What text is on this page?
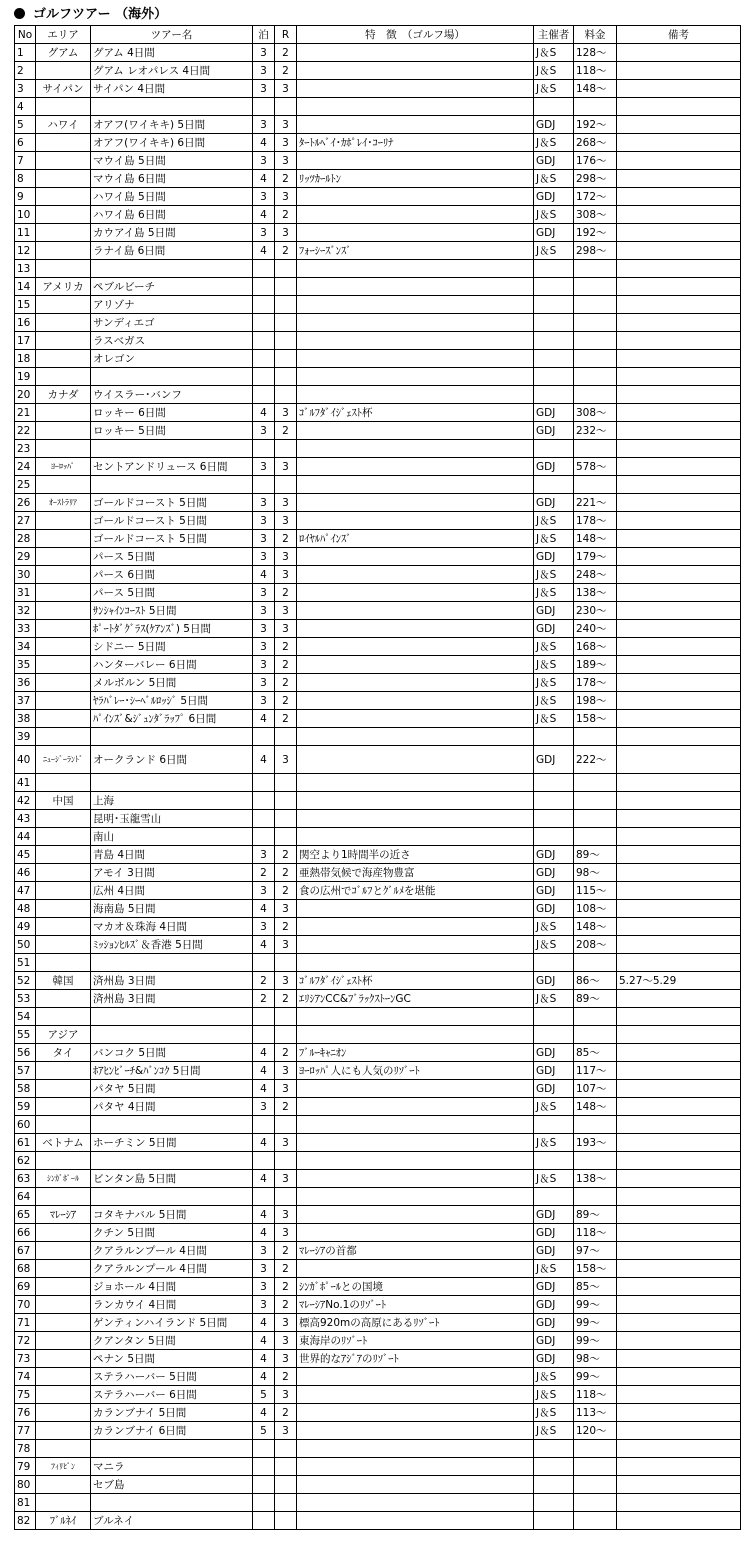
ゴルフツアー （海外）
No	エリア	ツアー名	泊	R	特　徴　（ゴルフ場）	主催者	料金	備考
1	グアム	グアム 4日間	3	2		J＆S	128～	
2		グアム レオパレス 4日間	3	2		J＆S	118～	
3	サイパン	サイパン 4日間	3	3		J＆S	148～	
4								
5	ハワイ	オアフ(ワイキキ) 5日間	3	3		GDJ	192～	
6		オアフ(ワイキキ) 6日間	4	3	ﾀｰﾄﾙﾍﾞｲ･ｶﾎﾟﾚｲ･ｺｰﾘﾅ	J＆S	268～	
7		マウイ島 5日間	3	3		GDJ	176～	
8		マウイ島 6日間	4	2	ﾘｯﾂｶｰﾙﾄﾝ	J＆S	298～	
9		ハワイ島 5日間	3	3		GDJ	172～	
10		ハワイ島 6日間	4	2		J＆S	308～	
11		カウアイ島 5日間	3	3		GDJ	192～	
12		ラナイ島 6日間	4	2	ﾌｫｰｼｰｽﾞﾝｽﾞ	J＆S	298～	
13								
14	アメリカ	ペブルビーチ						
15		アリゾナ						
16		サンディエゴ						
17		ラスベガス						
18		オレゴン						
19								
20	カナダ	ウイスラー･バンフ						
21		ロッキー 6日間	4	3	ｺﾞﾙﾌﾀﾞｲｼﾞｪｽﾄ杯	GDJ	308～	
22		ロッキー 5日間	3	2		GDJ	232～	
23								
24	ﾖｰﾛｯﾊﾟ	セントアンドリュース 6日間	3	3		GDJ	578～	
25								
26	ｵｰｽﾄﾗﾘｱ	ゴールドコースト 5日間	3	3		GDJ	221～	
27		ゴールドコースト 5日間	3	3		J＆S	178～	
28		ゴールドコースト 5日間	3	2	ﾛｲﾔﾙﾊﾟｲﾝｽﾞ	J＆S	148～	
29		パース 5日間	3	3		GDJ	179～	
30		パース 6日間	4	3		J＆S	248～	
31		パース 5日間	3	2		J＆S	138～	
32		ｻﾝｼｬｲﾝｺｰｽﾄ 5日間	3	3		GDJ	230～	
33		ﾎﾟｰﾄﾀﾞｸﾞﾗｽ(ｹｱﾝｽﾞ) 5日間	3	3		GDJ	240～	
34		シドニー 5日間	3	2		J＆S	168～	
35		ハンターバレー 6日間	3	2		J＆S	189～	
36		メルボルン 5日間	3	2		J＆S	178～	
37		ﾔﾗﾊﾞﾚｰ･ｼｰﾍﾞﾙﾛｯｼﾞ 5日間	3	2		J＆S	198～	
38		ﾊﾟｲﾝｽﾞ&ｼﾞｭﾝﾀﾞﾗｯﾌﾟ 6日間	4	2		J＆S	158～	
39								
40	ﾆｭｰｼﾞｰﾗﾝﾄﾞ	オークランド 6日間	4	3		GDJ	222～	
41								
42	中国	上海						
43		昆明･玉龍雪山						
44		南山						
45		青島 4日間	3	2	関空より1時間半の近さ	GDJ	89～	
46		アモイ 3日間	2	2	亜熱帯気候で海産物豊富	GDJ	98～	
47		広州 4日間	3	2	食の広州でｺﾞﾙﾌとｸﾞﾙﾒを堪能	GDJ	115～	
48		海南島 5日間	4	3		GDJ	108～	
49		マカオ＆珠海 4日間	3	2		J＆S	148～	
50		ﾐｯｼｮﾝﾋﾙｽﾞ＆香港 5日間	4	3		J＆S	208～	
51								
52	韓国	済州島 3日間	2	3	ｺﾞﾙﾌﾀﾞｲｼﾞｪｽﾄ杯	GDJ	86～	5.27～5.29
53		済州島 3日間	2	2	ｴﾘｼｱﾝCC&ﾌﾞﾗｯｸｽﾄｰﾝGC	J＆S	89～	
54								
55	アジア							
56	タイ	バンコク 5日間	4	2	ﾌﾞﾙｰｷｬﾆｵﾝ	GDJ	85～	
57		ﾎｱﾋﾝﾋﾞｰﾁ&ﾊﾞﾝｺｸ 5日間	4	3	ﾖｰﾛｯﾊﾟ人にも人気のﾘｿﾞｰﾄ	GDJ	117～	
58		パタヤ 5日間	4	3		GDJ	107～	
59		パタヤ 4日間	3	2		J＆S	148～	
60								
61	ベトナム	ホーチミン 5日間	4	3		J＆S	193～	
62								
63	ｼﾝｶﾞﾎﾟｰﾙ	ビンタン島 5日間	4	3		J＆S	138～	
64								
65	ﾏﾚｰｼｱ	コタキナバル 5日間	4	3		GDJ	89～	
66		クチン 5日間	4	3		GDJ	118～	
67		クアラルンプール 4日間	3	2	ﾏﾚｰｼｱの首都	GDJ	97～	
68		クアラルンプール 4日間	3	2		J＆S	158～	
69		ジョホール 4日間	3	2	ｼﾝｶﾞﾎﾟｰﾙとの国境	GDJ	85～	
70		ランカウイ 4日間	3	2	ﾏﾚｰｼｱNo.1のﾘｿﾞｰﾄ	GDJ	99～	
71		ゲンティンハイランド 5日間	4	3	標高920mの高原にあるﾘｿﾞｰﾄ	GDJ	99～	
72		クアンタン 5日間	4	3	東海岸のﾘｿﾞｰﾄ	GDJ	99～	
73		ペナン 5日間	4	3	世界的なｱｼﾞｱのﾘｿﾞｰﾄ	GDJ	98～	
74		ステラハーバー 5日間	4	2		J＆S	99～	
75		ステラハーバー 6日間	5	3		J＆S	118～	
76		カランブナイ 5日間	4	2		J＆S	113～	
77		カランブナイ 6日間	5	3		J＆S	120～	
78								
79	ﾌｨﾘﾋﾟﾝ	マニラ						
80		セブ島						
81								
82	ﾌﾞﾙﾈｲ	ブルネイ						
